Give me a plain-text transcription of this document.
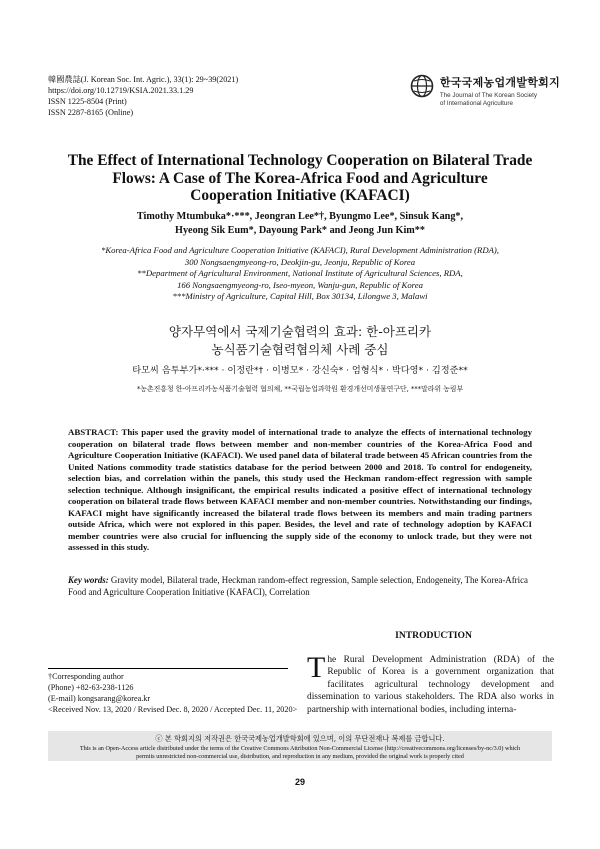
韓國農誌(J. Korean Soc. Int. Agric.), 33(1): 29~39(2021)
https://doi.org/10.12719/KSIA.2021.33.1.29
ISSN 1225-8504 (Print)
ISSN 2287-8165 (Online)
한국국제농업개발학회지
The Journal of The Korean Society
of International Agriculture
The Effect of International Technology Cooperation on Bilateral Trade
Flows: A Case of The Korea-Africa Food and Agriculture
Cooperation Initiative (KAFACI)
Timothy Mtumbuka*·***, Jeongran Lee*†, Byungmo Lee*, Sinsuk Kang*,
Hyeong Sik Eum*, Dayoung Park* and Jeong Jun Kim**
*Korea-Africa Food and Agriculture Cooperation Initiative (KAFACI), Rural Development Administration (RDA),
300 Nongsaengmyeong-ro, Deokjin-gu, Jeonju, Republic of Korea
**Department of Agricultural Environment, National Institute of Agricultural Sciences, RDA,
166 Nongsaengmyeong-ro, Iseo-myeon, Wanju-gun, Republic of Korea
***Ministry of Agriculture, Capital Hill, Box 30134, Lilongwe 3, Malawi
양자무역에서 국제기술협력의 효과: 한-아프리카
농식품기술협력협의체 사례 중심
타모씨 음투부가*·*** · 이정란*† · 이병모* · 강신숙* · 엄형식* · 박다영* · 김정준**
*농촌진흥청 한-아프리카농식품기술협력 협의체, **국립농업과학원 환경개선미생물연구단, ***말라위 농림부
ABSTRACT: This paper used the gravity model of international trade to analyze the effects of international technology cooperation on bilateral trade flows between member and non-member countries of the Korea-Africa Food and Agriculture Cooperation Initiative (KAFACI). We used panel data of bilateral trade between 45 African countries from the United Nations commodity trade statistics database for the period between 2000 and 2018. To control for endogeneity, selection bias, and correlation within the panels, this study used the Heckman random-effect regression with sample selection technique. Although insignificant, the empirical results indicated a positive effect of international technology cooperation on bilateral trade flows between KAFACI member and non-member countries. Notwithstanding our findings, KAFACI might have significantly increased the bilateral trade flows between its members and main trading partners outside Africa, which were not explored in this paper. Besides, the level and rate of technology adoption by KAFACI member countries were also crucial for influencing the supply side of the economy to unlock trade, but they were not assessed in this study.
Key words: Gravity model, Bilateral trade, Heckman random-effect regression, Sample selection, Endogeneity, The Korea-Africa Food and Agriculture Cooperation Initiative (KAFACI), Correlation
INTRODUCTION
The Rural Development Administration (RDA) of the Republic of Korea is a government organization that facilitates agricultural technology development and dissemination to various stakeholders. The RDA also works in partnership with international bodies, including interna-
†Corresponding author
(Phone) +82-63-238-1126
(E-mail) kongsarang@korea.kr
<Received Nov. 13, 2020 / Revised Dec. 8, 2020 / Accepted Dec. 11, 2020>
ⓒ 본 학회지의 저작권은 한국국제농업개발학회에 있으며, 이의 무단전재나 복제를 금합니다.
This is an Open-Access article distributed under the terms of the Creative Commons Attribution Non-Commercial License (http://creativecommons.org/licenses/by-nc/3.0) which
permits unrestricted non-commercial use, distribution, and reproduction in any medium, provided the original work is properly cited
29
